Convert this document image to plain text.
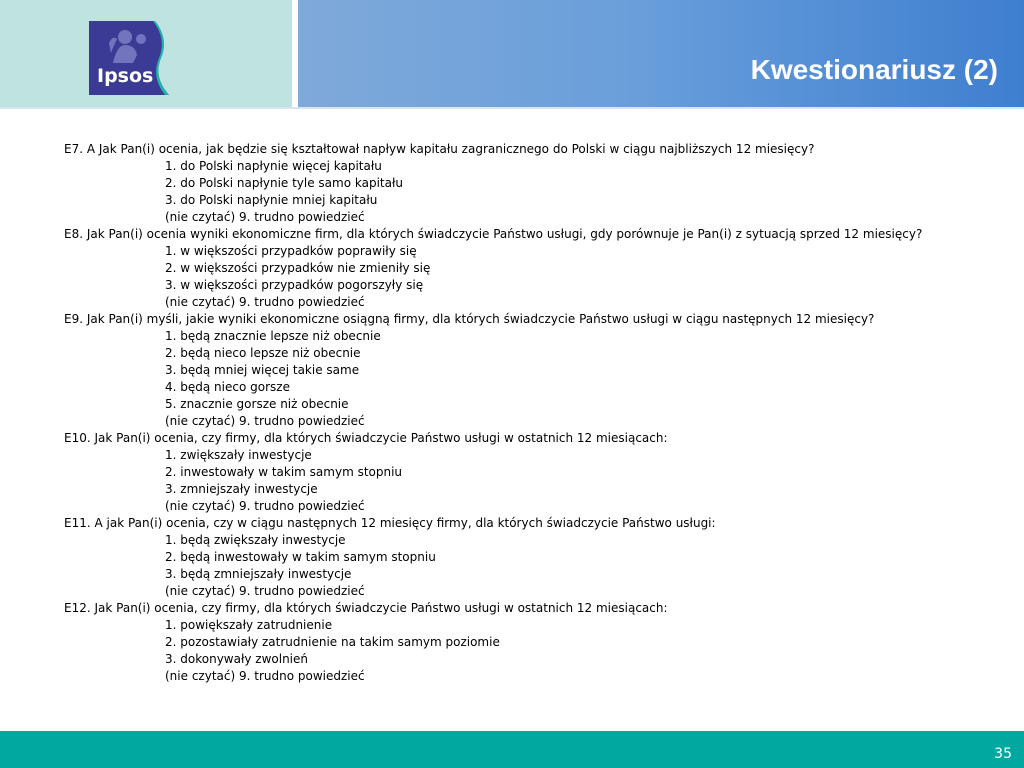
Ipsos	Kwestionariusz (2)
E7. A Jak Pan(i) ocenia, jak będzie się kształtował napływ kapitału zagranicznego do Polski w ciągu najbliższych 12 miesięcy?
1. do Polski napłynie więcej kapitału
2. do Polski napłynie tyle samo kapitału
3. do Polski napłynie mniej kapitału
(nie czytać) 9. trudno powiedzieć
E8. Jak Pan(i) ocenia wyniki ekonomiczne firm, dla których świadczycie Państwo usługi, gdy porównuje je Pan(i) z sytuacją sprzed 12 miesięcy?
1. w większości przypadków poprawiły się
2. w większości przypadków nie zmieniły się
3. w większości przypadków pogorszyły się
(nie czytać) 9. trudno powiedzieć
E9. Jak Pan(i) myśli, jakie wyniki ekonomiczne osiągną firmy, dla których świadczycie Państwo usługi w ciągu następnych 12 miesięcy?
1. będą znacznie lepsze niż obecnie
2. będą nieco lepsze niż obecnie
3. będą mniej więcej takie same
4. będą nieco gorsze
5. znacznie gorsze niż obecnie
(nie czytać) 9. trudno powiedzieć
E10. Jak Pan(i) ocenia, czy firmy, dla których świadczycie Państwo usługi w ostatnich 12 miesiącach:
1. zwiększały inwestycje
2. inwestowały w takim samym stopniu
3. zmniejszały inwestycje
(nie czytać) 9. trudno powiedzieć
E11. A jak Pan(i) ocenia, czy w ciągu następnych 12 miesięcy firmy, dla których świadczycie Państwo usługi:
1. będą zwiększały inwestycje
2. będą inwestowały w takim samym stopniu
3. będą zmniejszały inwestycje
(nie czytać) 9. trudno powiedzieć
E12. Jak Pan(i) ocenia, czy firmy, dla których świadczycie Państwo usługi w ostatnich 12 miesiącach:
1. powiększały zatrudnienie
2. pozostawiały zatrudnienie na takim samym poziomie
3. dokonywały zwolnień
(nie czytać) 9. trudno powiedzieć
35
